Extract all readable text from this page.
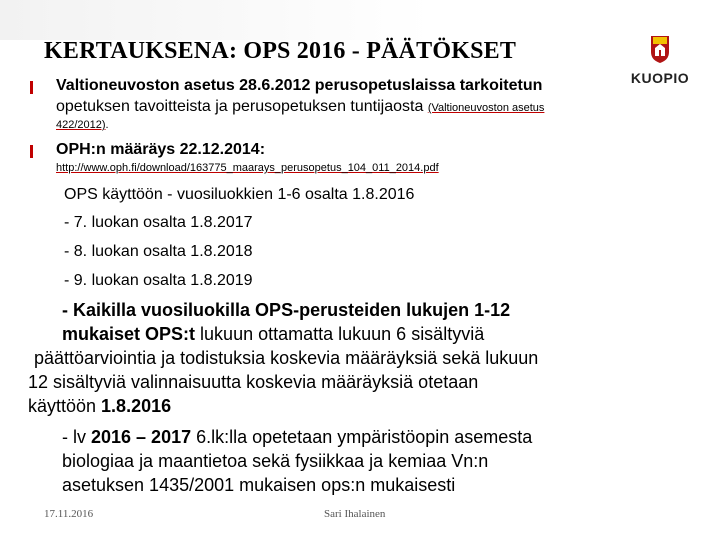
KERTAUKSENA: OPS 2016 - PÄÄTÖKSET
KUOPIO
Valtioneuvoston asetus 28.6.2012 perusopetuslaissa tarkoitetun
opetuksen tavoitteista ja perusopetuksen tuntijaosta (Valtioneuvoston asetus
422/2012).
OPH:n määräys 22.12.2014:
http://www.oph.fi/download/163775_maarays_perusopetus_104_011_2014.pdf
OPS käyttöön - vuosiluokkien 1-6 osalta 1.8.2016
- 7. luokan osalta 1.8.2017
- 8. luokan osalta 1.8.2018
- 9. luokan osalta 1.8.2019
- Kaikilla vuosiluokilla OPS-perusteiden lukujen 1-12
mukaiset OPS:t lukuun ottamatta lukuun 6 sisältyviä
päättöarviointia ja todistuksia koskevia määräyksiä sekä lukuun
12 sisältyviä valinnaisuutta koskevia määräyksiä otetaan
käyttöön 1.8.2016
- lv 2016 – 2017 6.lk:lla opetetaan ympäristöopin asemesta
biologiaa ja maantietoa sekä fysiikkaa ja kemiaa Vn:n
asetuksen 1435/2001 mukaisen ops:n mukaisesti
17.11.2016	Sari Ihalainen
